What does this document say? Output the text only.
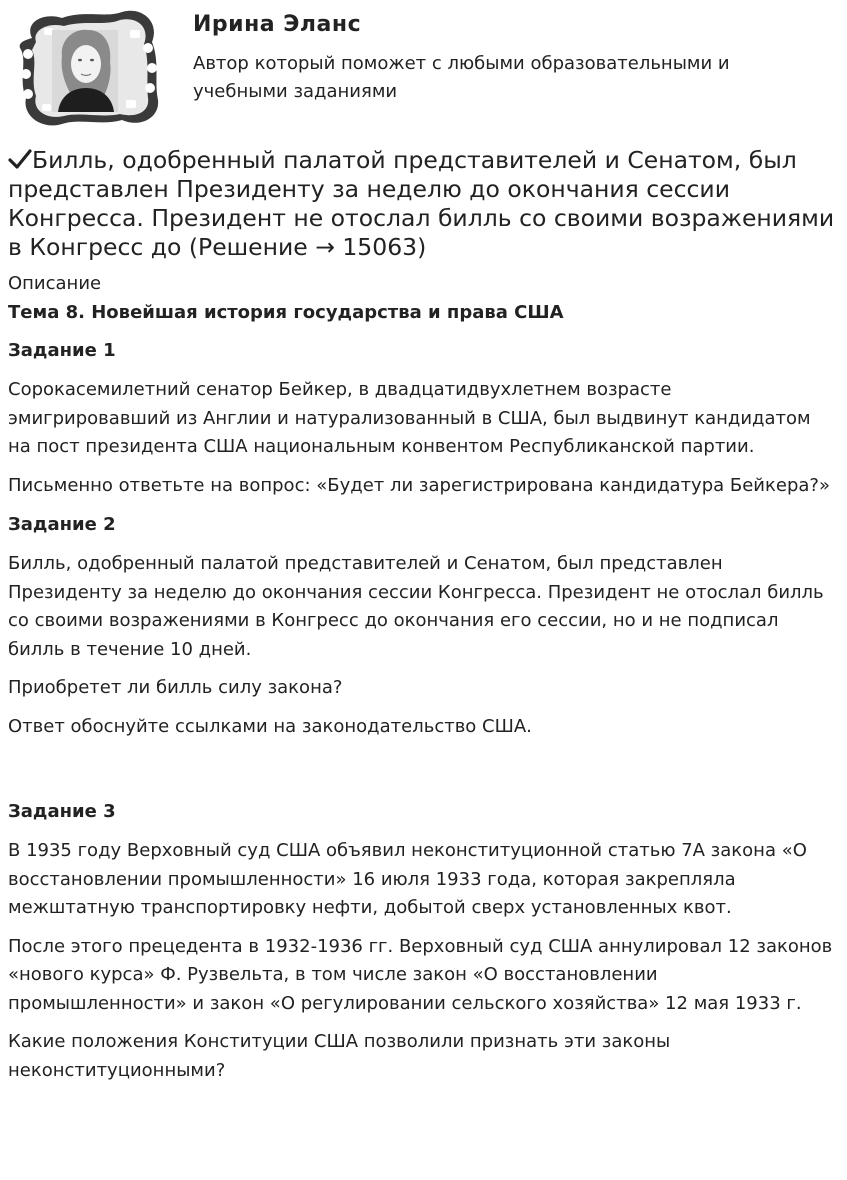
Ирина Эланс
Автор который поможет с любыми образовательными и учебными заданиями
Билль, одобренный палатой представителей и Сенатом, был представлен Президенту за неделю до окончания сессии Конгресса. Президент не отослал билль со своими возражениями в Конгресс до (Решение → 15063)
Описание
Тема 8. Новейшая история государства и права США
Задание 1

Сорокасемилетний сенатор Бейкер, в двадцатидвухлетнем возрасте эмигрировавший из Англии и натурализованный в США, был выдвинут кандидатом на пост президента США национальным конвентом Республиканской партии.

Письменно ответьте на вопрос: «Будет ли зарегистрирована кандидатура Бейкера?»

Задание 2

Билль, одобренный палатой представителей и Сенатом, был представлен Президенту за неделю до окончания сессии Конгресса. Президент не отослал билль со своими возражениями в Конгресс до окончания его сессии, но и не подписал билль в течение 10 дней.

Приобретет ли билль силу закона?

Ответ обоснуйте ссылками на законодательство США.

Задание 3

В 1935 году Верховный суд США объявил неконституционной статью 7А закона «О восстановлении промышленности» 16 июля 1933 года, которая закрепляла межштатную транспортировку нефти, добытой сверх установленных квот.

После этого прецедента в 1932-1936 гг. Верховный суд США аннулировал 12 законов «нового курса» Ф. Рузвельта, в том числе закон «О восстановлении промышленности» и закон «О регулировании сельского хозяйства» 12 мая 1933 г.

Какие положения Конституции США позволили признать эти законы неконституционными?
